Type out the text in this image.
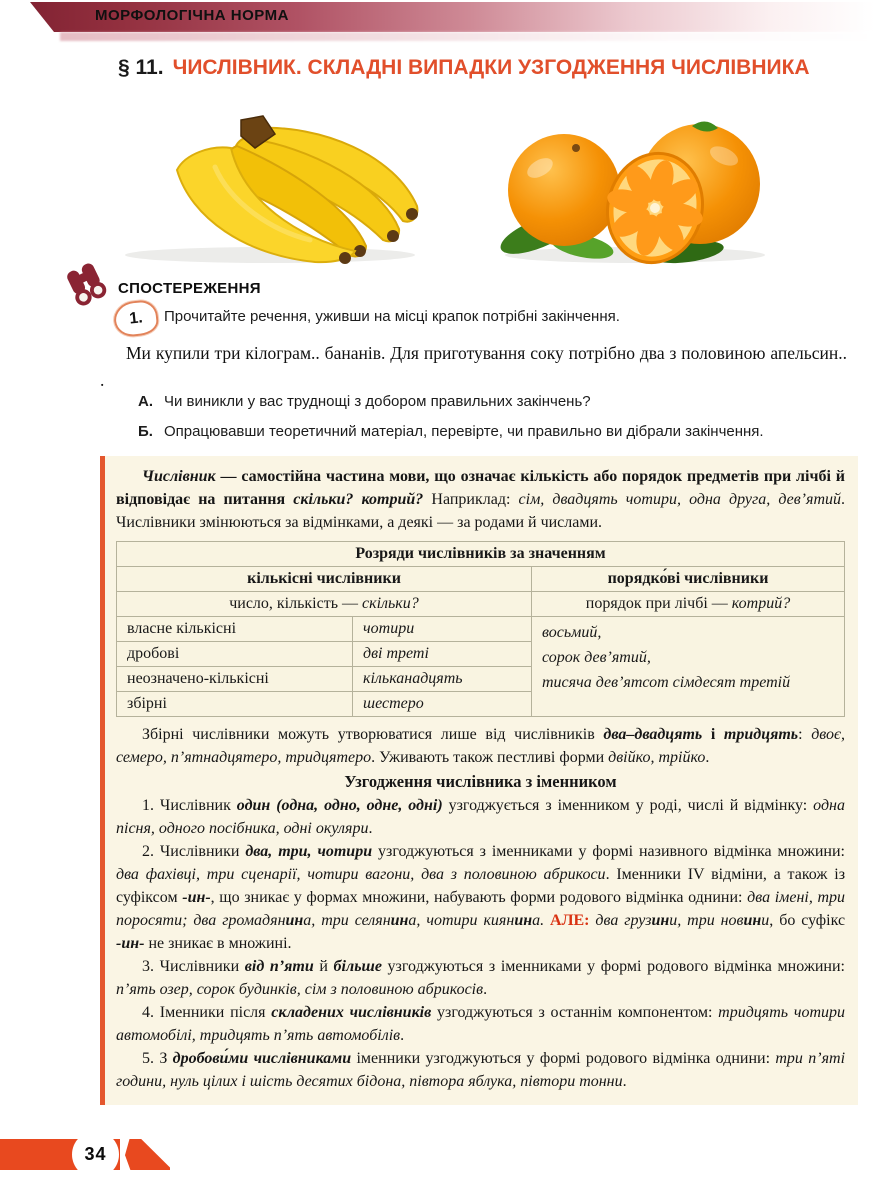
МОРФОЛОГІЧНА НОРМА
§ 11. ЧИСЛІВНИК. СКЛАДНІ ВИПАДКИ УЗГОДЖЕННЯ ЧИСЛІВНИКА
СПОСТЕРЕЖЕННЯ
1. Прочитайте речення, уживши на місці крапок потрібні закінчення.
Ми купили три кілограм.. бананів. Для приготування соку потрібно два з половиною апельсин.. .
А. Чи виникли у вас труднощі з добором правильних закінчень?
Б. Опрацювавши теоретичний матеріал, перевірте, чи правильно ви дібрали закінчення.

Числівник — самостійна частина мови, що означає кількість або порядок предметів при лічбі й відповідає на питання скільки? котрий? Наприклад: сім, двадцять чотири, одна друга, дев’ятий. Числівники змінюються за відмінками, а деякі — за родами й числами.

Розряди числівників за значенням		
кількісні числівники		порядко́ві числівники
число, кількість — скільки?		порядок при лічбі — котрий?
власне кількісні	чотири	восьмий,
сорок дев’ятий,
тисяча дев’ятсот сімдесят третій

дробові	дві треті	
неозначено-кількісні	кільканадцять	
збірні	шестеро	

Збірні числівники можуть утворюватися лише від числівників два–двадцять і тридцять: двоє, семеро, п’ятнадцятеро, тридцятеро. Уживають також пестливі форми двійко, трійко.

Узгодження числівника з іменником

1. Числівник один (одна, одно, одне, одні) узгоджується з іменником у роді, числі й відмінку: одна пісня, одного посібника, одні окуляри.

2. Числівники два, три, чотири узгоджуються з іменниками у формі називного відмінка множини: два фахівці, три сценарії, чотири вагони, два з половиною абрикоси. Іменники IV відміни, а також із суфіксом -ин-, що зникає у формах множини, набувають форми родового відмінка однини: два імені, три поросяти; два громадянина, три селянина, чотири киянина. АЛЕ: два грузини, три новини, бо суфікс -ин- не зникає в множині.

3. Числівники від п’яти й більше узгоджуються з іменниками у формі родового відмінка множини: п’ять озер, сорок будинків, сім з половиною абрикосів.

4. Іменники після складених числівників узгоджуються з останнім компонентом: тридцять чотири автомобілі, тридцять п’ять автомобілів.

5. З дробови́ми числівниками іменники узгоджуються у формі родового відмінка однини: три п’яті години, нуль цілих і шість десятих бідона, півтора яблука, півтори тонни.

34
